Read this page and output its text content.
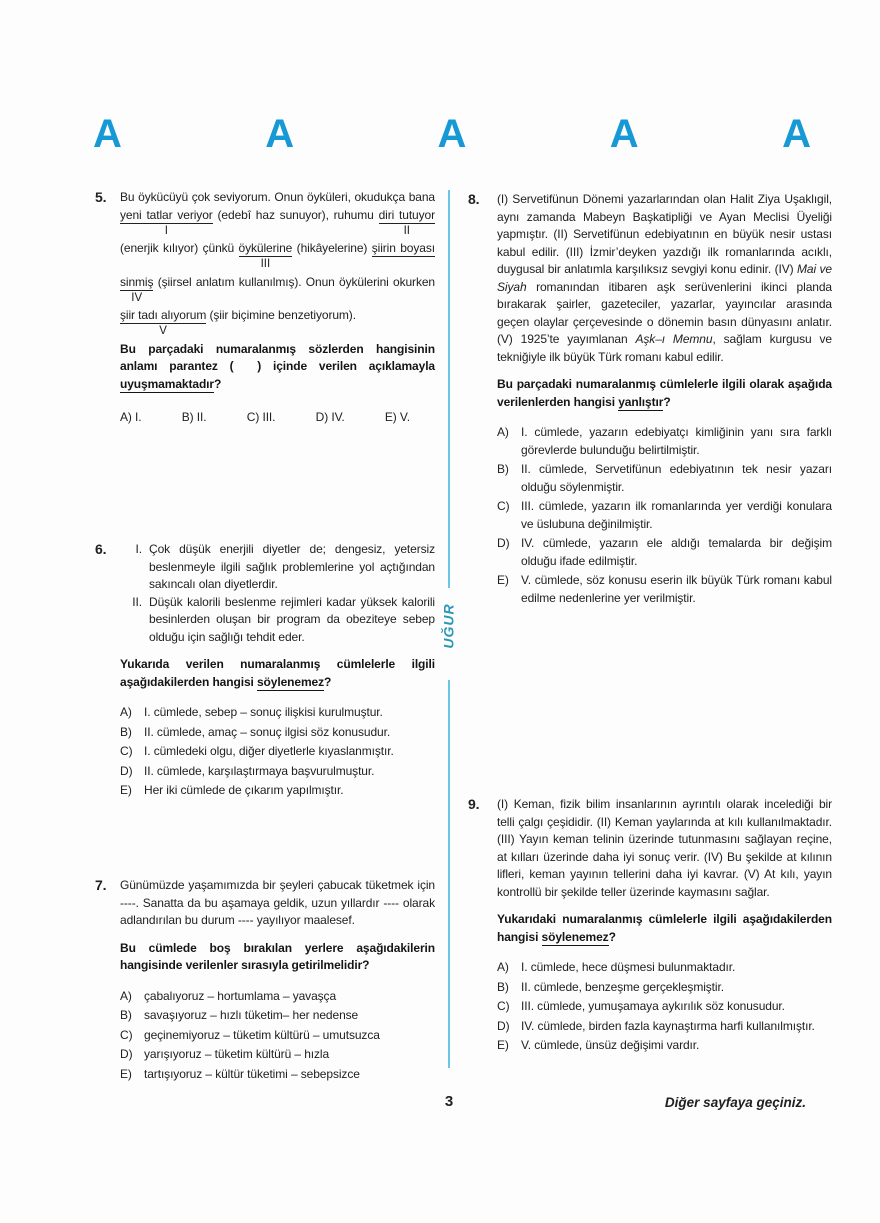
A	A	A	A	A
UĞUR
5. Bu öykücüyü çok seviyorum. Onun öyküleri, okudukça bana
yeni tatlar veriyor
I
(edebî haz sunuyor), ruhumu diri tutuyor
II
(enerjik kılıyor) çünkü öykülerine
III
(hikâyelerine) şiirin boyası
sinmiş
IV
(şiirsel anlatım kullanılmış). Onun öykülerini okurken
şiir tadı alıyorum
V
(şiir biçimine benzetiyorum).
Bu parçadaki numaralanmış sözlerden hangisinin anlamı parantez (  ) içinde verilen açıklamayla uyuşmamaktadır?
A) I.	B) II.	C) III.	D) IV.	E) V.
6.	I. Çok düşük enerjili diyetler de; dengesiz, yetersiz beslenmeyle ilgili sağlık problemlerine yol açtığından sakıncalı olan diyetlerdir.
II. Düşük kalorili beslenme rejimleri kadar yüksek kalorili besinlerden oluşan bir program da obeziteye sebep olduğu için sağlığı tehdit eder.
Yukarıda verilen numaralanmış cümlelerle ilgili aşağıdakilerden hangisi söylenemez?
A)	I. cümlede, sebep – sonuç ilişkisi kurulmuştur.
B)	II. cümlede, amaç – sonuç ilgisi söz konusudur.
C) I. cümledeki olgu, diğer diyetlerle kıyaslanmıştır.
D) II. cümlede, karşılaştırmaya başvurulmuştur.
E)	Her iki cümlede de çıkarım yapılmıştır.
7. Günümüzde yaşamımızda bir şeyleri çabucak tüketmek için ----. Sanatta da bu aşamaya geldik, uzun yıllardır ---- olarak adlandırılan bu durum ---- yayılıyor maalesef.
Bu cümlede boş bırakılan yerlere aşağıdakilerin hangisinde verilenler sırasıyla getirilmelidir?
A)	çabalıyoruz – hortumlama – yavaşça
B)	savaşıyoruz – hızlı tüketim– her nedense
C) geçinemiyoruz – tüketim kültürü – umutsuzca
D) yarışıyoruz – tüketim kültürü – hızla
E)	tartışıyoruz – kültür tüketimi – sebepsizce
8. (I) Servetifünun Dönemi yazarlarından olan Halit Ziya Uşaklıgil, aynı zamanda Mabeyn Başkatipliği ve Ayan Meclisi Üyeliği yapmıştır. (II) Servetifünun edebiyatının en büyük nesir ustası kabul edilir. (III) İzmir’deyken yazdığı ilk romanlarında acıklı, duygusal bir anlatımla karşılıksız sevgiyi konu edinir. (IV) Mai ve Siyah romanından itibaren aşk serüvenlerini ikinci planda bırakarak şairler, gazeteciler, yazarlar, yayıncılar arasında geçen olaylar çerçevesinde o dönemin basın dünyasını anlatır. (V) 1925’te yayımlanan Aşk–ı Memnu, sağlam kurgusu ve tekniğiyle ilk büyük Türk romanı kabul edilir.
Bu parçadaki numaralanmış cümlelerle ilgili olarak aşağıda verilenlerden hangisi yanlıştır?
A)	I. cümlede, yazarın edebiyatçı kimliğinin yanı sıra farklı görevlerde bulunduğu belirtilmiştir.
B)	II. cümlede, Servetifünun edebiyatının tek nesir yazarı olduğu söylenmiştir.
C) III. cümlede, yazarın ilk romanlarında yer verdiği konulara ve üslubuna değinilmiştir.
D) IV. cümlede, yazarın ele aldığı temalarda bir değişim olduğu ifade edilmiştir.
E)	V. cümlede, söz konusu eserin ilk büyük Türk romanı kabul edilme nedenlerine yer verilmiştir.
9. (I) Keman, fizik bilim insanlarının ayrıntılı olarak incelediği bir telli çalgı çeşididir. (II) Keman yaylarında at kılı kullanılmaktadır. (III) Yayın keman telinin üzerinde tutunmasını sağlayan reçine, at kılları üzerinde daha iyi sonuç verir. (IV) Bu şekilde at kılının lifleri, keman yayının tellerini daha iyi kavrar. (V) At kılı, yayın kontrollü bir şekilde teller üzerinde kaymasını sağlar.
Yukarıdaki numaralanmış cümlelerle ilgili aşağıdakilerden hangisi söylenemez?
A)	I. cümlede, hece düşmesi bulunmaktadır.
B)	II. cümlede, benzeşme gerçekleşmiştir.
C) III. cümlede, yumuşamaya aykırılık söz konusudur.
D) IV. cümlede, birden fazla kaynaştırma harfi kullanılmıştır.
E)	V. cümlede, ünsüz değişimi vardır.
3	Diğer sayfaya geçiniz.
